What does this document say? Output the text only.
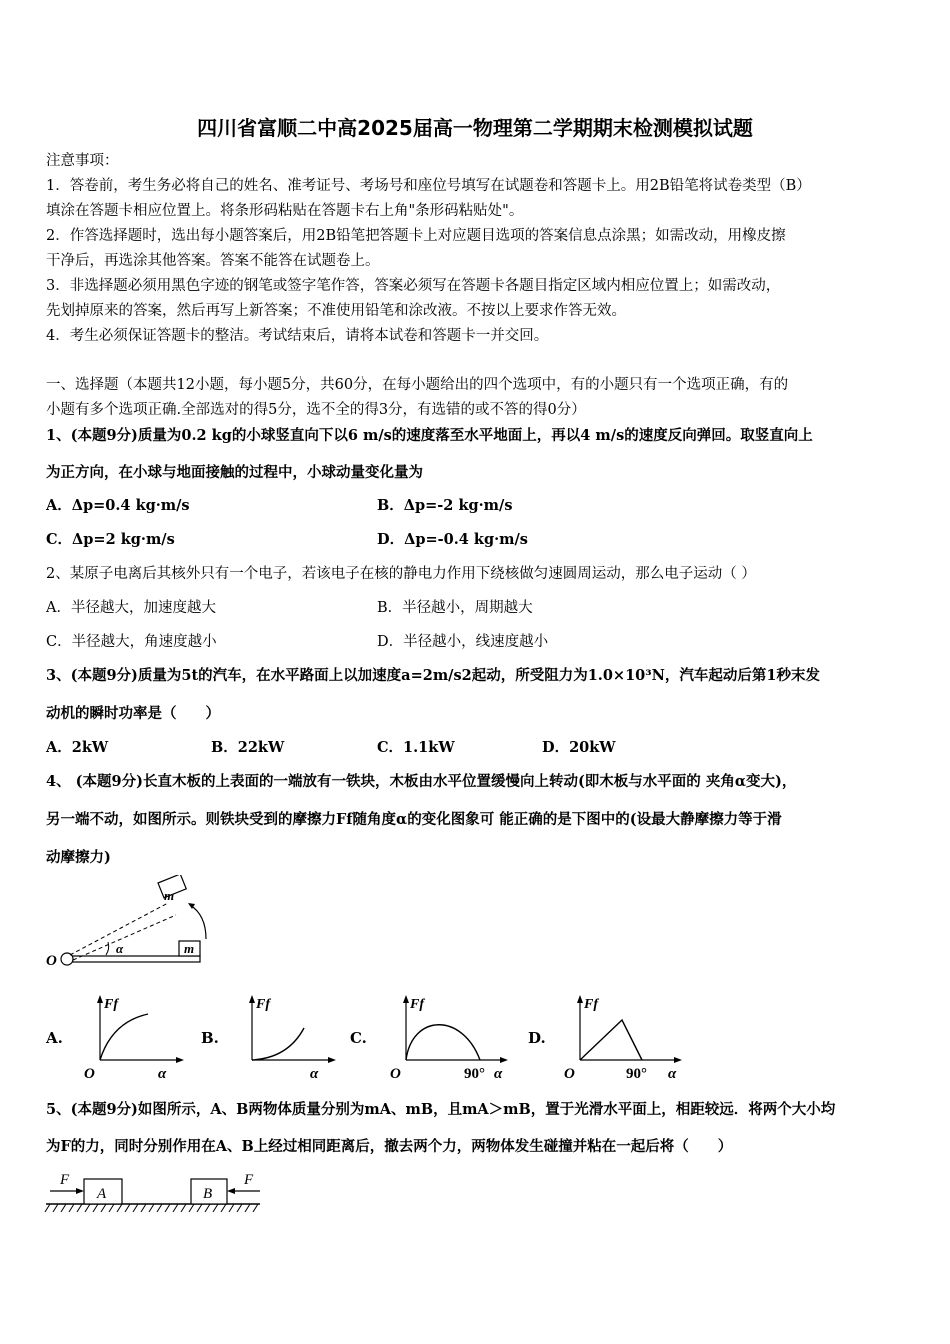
四川省富顺二中高2025届高一物理第二学期期末检测模拟试题
注意事项：
1．答卷前，考生务必将自己的姓名、准考证号、考场号和座位号填写在试题卷和答题卡上。用2B铅笔将试卷类型（B）
填涂在答题卡相应位置上。将条形码粘贴在答题卡右上角"条形码粘贴处"。
2．作答选择题时，选出每小题答案后，用2B铅笔把答题卡上对应题目选项的答案信息点涂黑；如需改动，用橡皮擦
干净后，再选涂其他答案。答案不能答在试题卷上。
3．非选择题必须用黑色字迹的钢笔或签字笔作答，答案必须写在答题卡各题目指定区域内相应位置上；如需改动，
先划掉原来的答案，然后再写上新答案；不准使用铅笔和涂改液。不按以上要求作答无效。
4．考生必须保证答题卡的整洁。考试结束后，请将本试卷和答题卡一并交回。
一、选择题（本题共12小题，每小题5分，共60分，在每小题给出的四个选项中，有的小题只有一个选项正确，有的
小题有多个选项正确.全部选对的得5分，选不全的得3分，有选错的或不答的得0分）
1、(本题9分)质量为0.2 kg的小球竖直向下以6 m/s的速度落至水平地面上，再以4 m/s的速度反向弹回。取竖直向上
为正方向，在小球与地面接触的过程中，小球动量变化量为
A．Δp=0.4 kg·m/s	B．Δp=-2 kg·m/s
C．Δp=2 kg·m/s	D．Δp=-0.4 kg·m/s
2、某原子电离后其核外只有一个电子，若该电子在核的静电力作用下绕核做匀速圆周运动，那么电子运动（ ）
A．半径越大，加速度越大	B．半径越小，周期越大
C．半径越大，角速度越小	D．半径越小，线速度越小
3、(本题9分)质量为5t的汽车，在水平路面上以加速度a=2m/s2起动，所受阻力为1.0×10³N，汽车起动后第1秒末发
动机的瞬时功率是（　　）
A．2kW	B．22kW	C．1.1kW	D．20kW
4、 (本题9分)长直木板的上表面的一端放有一铁块，木板由水平位置缓慢向上转动(即木板与水平面的 夹角α变大)，
另一端不动，如图所示。则铁块受到的摩擦力Ff随角度α的变化图象可 能正确的是下图中的(设最大静摩擦力等于滑
动摩擦力)
m
m
α
O
A.	B.	C.	D.
Ff
O	α
Ff
α
Ff
O	90° α
Ff
O	90° α
5、(本题9分)如图所示，A、B两物体质量分别为mA、mB，且mA＞mB，置于光滑水平面上，相距较远．将两个大小均
为F的力，同时分别作用在A、B上经过相同距离后，撤去两个力，两物体发生碰撞并粘在一起后将（　　）
F	F
A	B
